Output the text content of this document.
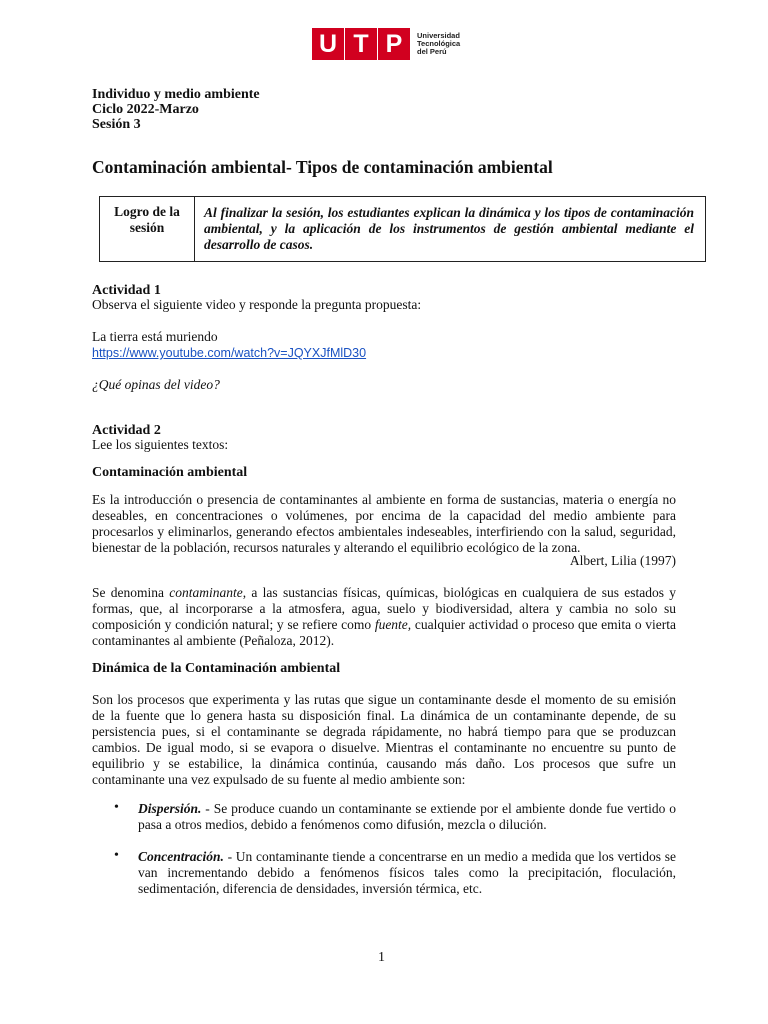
U T P	Universidad
Tecnológica
del Perú
Individuo y medio ambiente
Ciclo 2022-Marzo
Sesión 3
Contaminación ambiental- Tipos de contaminación ambiental
Logro de la sesión	Al finalizar la sesión, los estudiantes explican la dinámica y los tipos de contaminación ambiental, y la aplicación de los instrumentos de gestión ambiental mediante el desarrollo de casos.
Actividad 1
Observa el siguiente video y responde la pregunta propuesta:
La tierra está muriendo
https://www.youtube.com/watch?v=JQYXJfMlD30
¿Qué opinas del video?
Actividad 2
Lee los siguientes textos:
Contaminación ambiental
Es la introducción o presencia de contaminantes al ambiente en forma de sustancias, materia o energía no deseables, en concentraciones o volúmenes, por encima de la capacidad del medio ambiente para procesarlos y eliminarlos, generando efectos ambientales indeseables, interfiriendo con la salud, seguridad, bienestar de la población, recursos naturales y alterando el equilibrio ecológico de la zona.
Albert, Lilia (1997)
Se denomina contaminante, a las sustancias físicas, químicas, biológicas en cualquiera de sus estados y formas, que, al incorporarse a la atmosfera, agua, suelo y biodiversidad, altera y cambia no solo su composición y condición natural; y se refiere como fuente, cualquier actividad o proceso que emita o vierta contaminantes al ambiente (Peñaloza, 2012).
Dinámica de la Contaminación ambiental
Son los procesos que experimenta y las rutas que sigue un contaminante desde el momento de su emisión de la fuente que lo genera hasta su disposición final. La dinámica de un contaminante depende, de su persistencia pues, si el contaminante se degrada rápidamente, no habrá tiempo para que se produzcan cambios. De igual modo, si se evapora o disuelve. Mientras el contaminante no encuentre su punto de equilibrio y se estabilice, la dinámica continúa, causando más daño. Los procesos que sufre un contaminante una vez expulsado de su fuente al medio ambiente son:
• Dispersión. - Se produce cuando un contaminante se extiende por el ambiente donde fue vertido o pasa a otros medios, debido a fenómenos como difusión, mezcla o dilución.
• Concentración. - Un contaminante tiende a concentrarse en un medio a medida que los vertidos se van incrementando debido a fenómenos físicos tales como la precipitación, floculación, sedimentación, diferencia de densidades, inversión térmica, etc.
1
